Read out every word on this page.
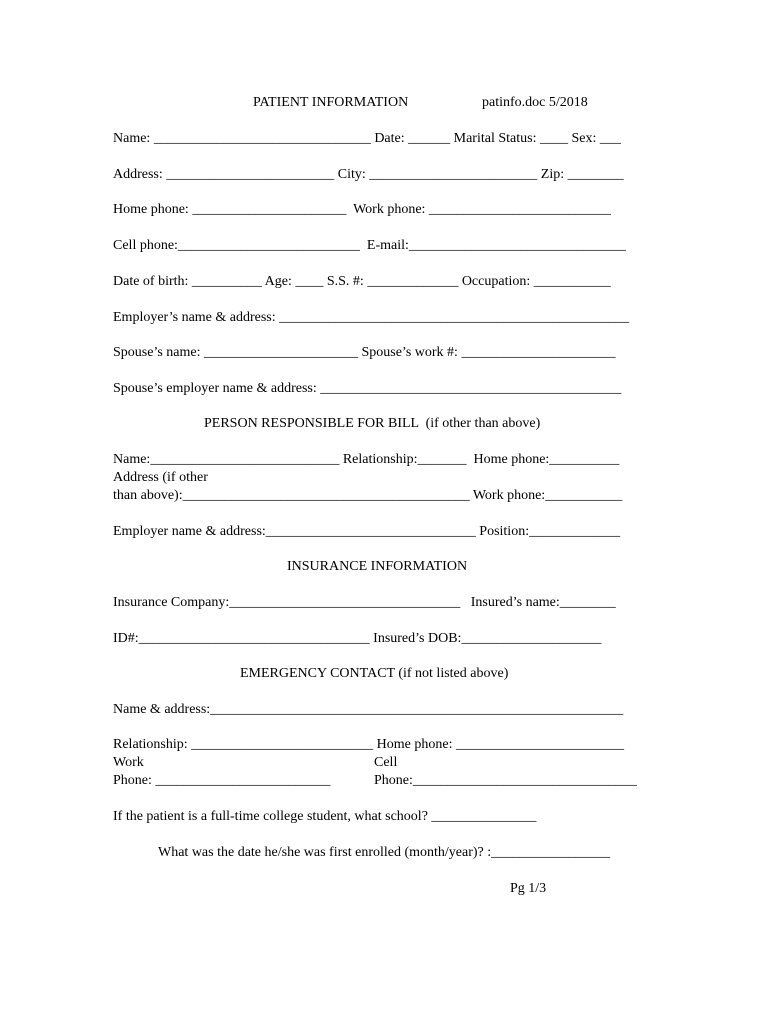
PATIENT INFORMATION	patinfo.doc 5/2018
Name: _______________________________ Date: ______ Marital Status: ____ Sex: ___
Address: ________________________ City: ________________________ Zip: ________
Home phone: ______________________  Work phone: __________________________
Cell phone:__________________________  E-mail:_______________________________
Date of birth: __________ Age: ____ S.S. #: _____________ Occupation: ___________
Employer’s name & address: __________________________________________________
Spouse’s name: ______________________ Spouse’s work #: ______________________
Spouse’s employer name & address: ___________________________________________
PERSON RESPONSIBLE FOR BILL  (if other than above)
Name:___________________________ Relationship:_______  Home phone:__________
Address (if other
than above):_________________________________________ Work phone:___________
Employer name & address:______________________________ Position:_____________
INSURANCE INFORMATION
Insurance Company:_________________________________   Insured’s name:________
ID#:_________________________________ Insured’s DOB:____________________
EMERGENCY CONTACT (if not listed above)
Name & address:___________________________________________________________
Relationship: __________________________ Home phone: ________________________
Work	Cell
Phone: _________________________	Phone:________________________________
If the patient is a full-time college student, what school? _______________
What was the date he/she was first enrolled (month/year)? :_________________
Pg 1/3
